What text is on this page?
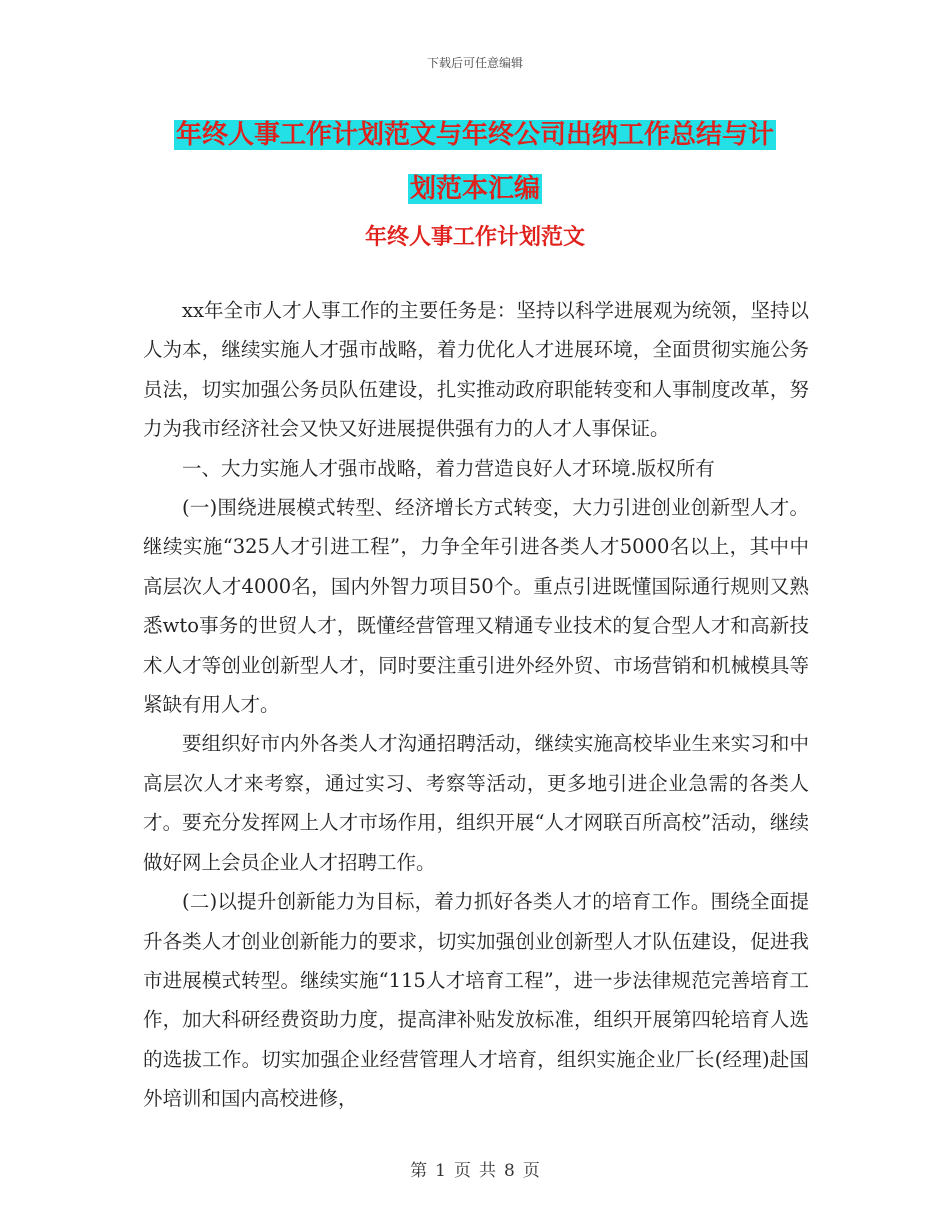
下载后可任意编辑
年终人事工作计划范文与年终公司出纳工作总结与计
划范本汇编
年终人事工作计划范文

xx年全市人才人事工作的主要任务是：坚持以科学进展观为统领，坚持以人为本，继续实施人才强市战略，着力优化人才进展环境，全面贯彻实施公务员法，切实加强公务员队伍建设，扎实推动政府职能转变和人事制度改革，努力为我市经济社会又快又好进展提供强有力的人才人事保证。

一、大力实施人才强市战略，着力营造良好人才环境.版权所有

(一)围绕进展模式转型、经济增长方式转变，大力引进创业创新型人才。继续实施“325人才引进工程”，力争全年引进各类人才5000名以上，其中中高层次人才4000名，国内外智力项目50个。重点引进既懂国际通行规则又熟悉wto事务的世贸人才，既懂经营管理又精通专业技术的复合型人才和高新技术人才等创业创新型人才，同时要注重引进外经外贸、市场营销和机械模具等紧缺有用人才。

要组织好市内外各类人才沟通招聘活动，继续实施高校毕业生来实习和中高层次人才来考察，通过实习、考察等活动，更多地引进企业急需的各类人才。要充分发挥网上人才市场作用，组织开展“人才网联百所高校”活动，继续做好网上会员企业人才招聘工作。

(二)以提升创新能力为目标，着力抓好各类人才的培育工作。围绕全面提升各类人才创业创新能力的要求，切实加强创业创新型人才队伍建设，促进我市进展模式转型。继续实施“115人才培育工程”，进一步法律规范完善培育工作，加大科研经费资助力度，提高津补贴发放标准，组织开展第四轮培育人选的选拔工作。切实加强企业经营管理人才培育，组织实施企业厂长(经理)赴国外培训和国内高校进修，

第 1 页 共 8 页
